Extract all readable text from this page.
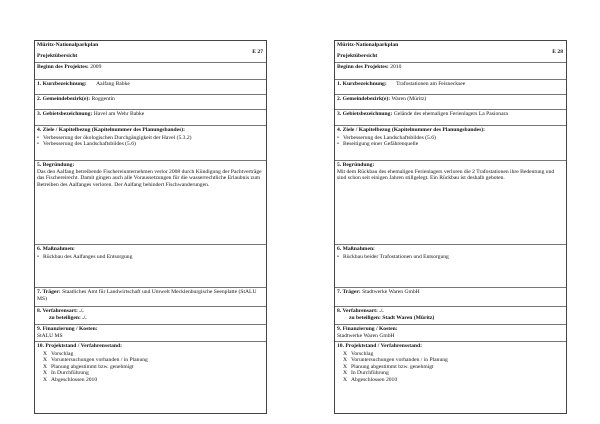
Müritz-Nationalparkplan
Projektübersicht
E 27
Beginn des Projektes: 2009
1. Kurzbezeichnung: Aalfang Babke
2. Gemeindebezirk(e): Roggentin
3. Gebietsbezeichnung: Havel am Wehr Babke
4. Ziele / Kapitelbezug (Kapitelnummer des Planungsbandes):
• Verbesserung der ökologischen Durchgängigkeit der Havel (5.3.2)
• Verbesserung des Landschaftsbildes (5.6)
5. Begründung:
Das den Aalfang betreibende Fischereiunternehmen verlor 2008 durch Kündigung der Pachtverträge das Fischereirecht. Damit gingen auch alle Voraussetzungen für die wasserrechtliche Erlaubnis zum Betreiben des Aalfanges verloren. Der Aalfang behindert Fischwanderungen.
6. Maßnahmen:
• Rückbau des Aalfanges und Entsorgung
7. Träger: Staatliches Amt für Landwirtschaft und Umwelt Mecklenburgische Seenplatte (StALU MS)
8. Verfahrensart: ./.
zu beteiligen: ./.
9. Finanzierung / Kosten:
StALU MS
10. Projektstand / Verfahrensstand:
X Vorschlag
X Voruntersuchungen vorhanden / in Planung
X Planung abgestimmt bzw. genehmigt
X In Durchführung
X Abgeschlossen 2010
Müritz-Nationalparkplan
Projektübersicht
E 28
Beginn des Projektes: 2010
1. Kurzbezeichnung: Trafostationen am Feisnecksee
2. Gemeindebezirk(e): Waren (Müritz)
3. Gebietsbezeichnung: Gelände des ehemaligen Ferienlagers La Pasionara
4. Ziele / Kapitelbezug (Kapitelnummer des Planungsbandes):
• Verbesserung des Landschaftsbildes (5.6)
• Beseitigung einer Gefährenquelle
5. Begründung:
Mit dem Rückbau des ehemaligen Ferienlagers verloren die 2 Trafostationen ihre Bedeutung und sind schon seit einigen Jahren stillgelegt. Ein Rückbau ist deshalb geboten.
6. Maßnahmen:
• Rückbau beider Trafostationen und Entsorgung
7. Träger: Stadtwerke Waren GmbH
8. Verfahrensart: ./.
zu beteiligen: Stadt Waren (Müritz)
9. Finanzierung / Kosten:
Stadtwerke Waren GmbH
10. Projektstand / Verfahrensstand:
X Vorschlag
X Voruntersuchungen vorhanden / in Planung
X Planung abgestimmt bzw. genehmigt
X In Durchführung
X Abgeschlossen 2010
